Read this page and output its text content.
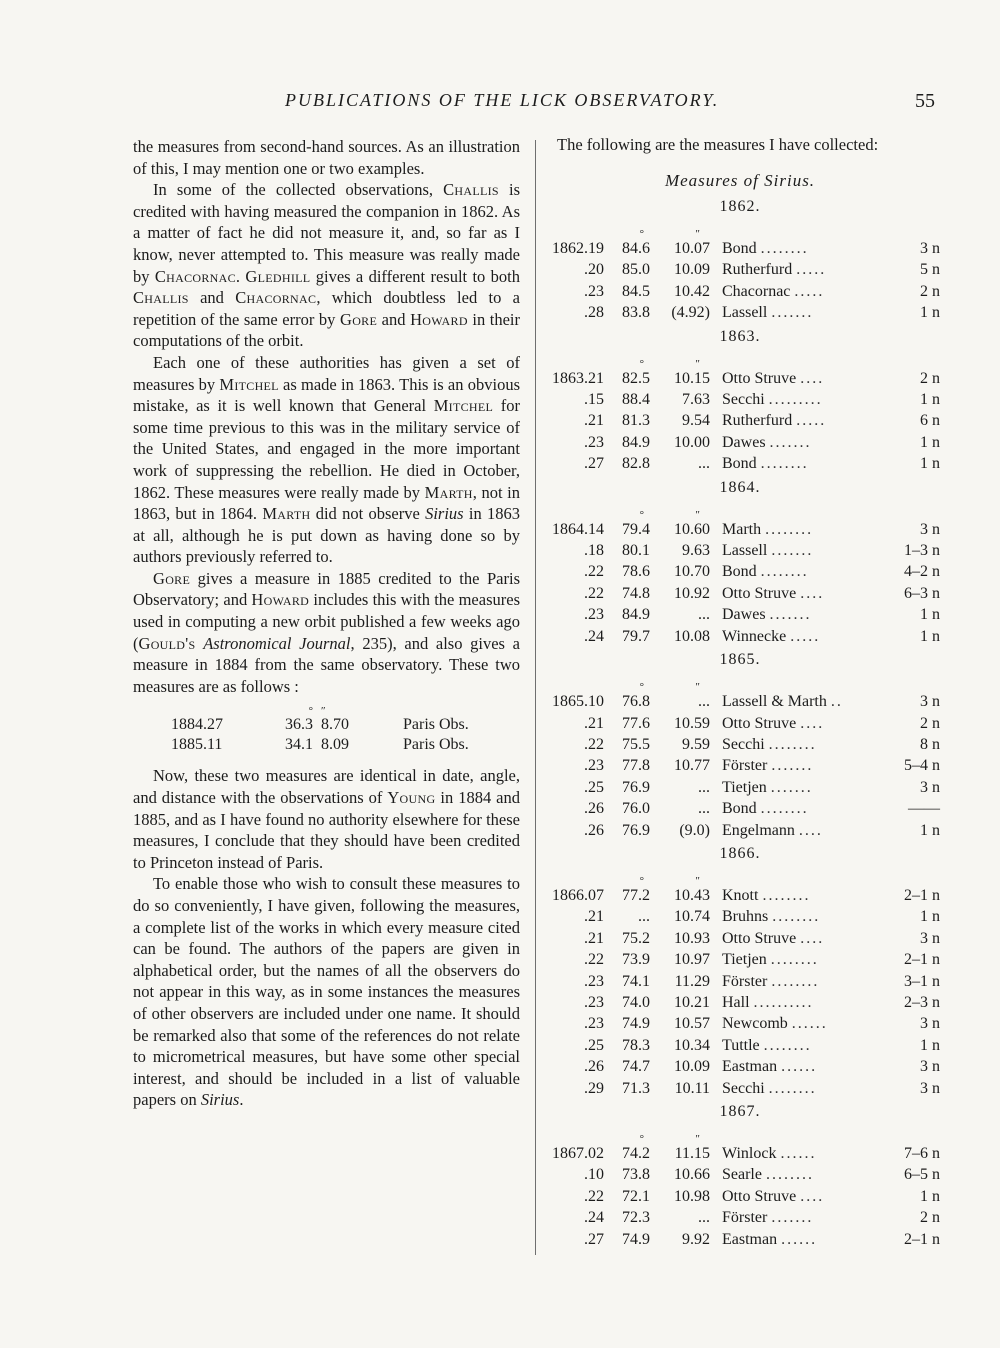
PUBLICATIONS OF THE LICK OBSERVATORY.	55

the measures from second-hand sources. As an illustration of this, I may mention one or two examples.

In some of the collected observations, Challis is credited with having measured the companion in 1862. As a matter of fact he did not measure it, and, so far as I know, never attempted to. This measure was really made by Chacornac. Gledhill gives a different result to both Challis and Chacornac, which doubtless led to a repetition of the same error by Gore and Howard in their computations of the orbit.

Each one of these authorities has given a set of measures by Mitchel as made in 1863. This is an obvious mistake, as it is well known that General Mitchel for some time previous to this was in the military service of the United States, and engaged in the more important work of suppressing the rebellion. He died in October, 1862. These measures were really made by Marth, not in 1863, but in 1864. Marth did not observe Sirius in 1863 at all, although he is put down as having done so by authors previously referred to.

Gore gives a measure in 1885 credited to the Paris Observatory; and Howard includes this with the measures used in computing a new orbit published a few weeks ago (Gould's Astronomical Journal, 235), and also gives a measure in 1884 from the same observatory. These two measures are as follows :

	°	″	
1884.27	36.3	8.70	Paris Obs.
1885.11	34.1	8.09	Paris Obs.

Now, these two measures are identical in date, angle, and distance with the observations of Young in 1884 and 1885, and as I have found no authority elsewhere for these measures, I conclude that they should have been credited to Princeton instead of Paris.

To enable those who wish to consult these measures to do so conveniently, I have given, following the measures, a complete list of the works in which every measure cited can be found. The authors of the papers are given in alphabetical order, but the names of all the observers do not appear in this way, as in some instances the measures of other observers are included under one name. It should be remarked also that some of the references do not relate to micrometrical measures, but have some other special interest, and should be included in a list of valuable papers on Sirius.

The following are the measures I have collected:
Measures of Sirius.
1862.
	°	″		
1862.19	84.6	10.07	Bond ........	3 n
.20	85.0	10.09	Rutherfurd .....	5 n
.23	84.5	10.42	Chacornac .....	2 n
.28	83.8	(4.92)	Lassell .......	1 n
1863.
	°	″		
1863.21	82.5	10.15	Otto Struve ....	2 n
.15	88.4	7.63	Secchi .........	1 n
.21	81.3	9.54	Rutherfurd .....	6 n
.23	84.9	10.00	Dawes .......	1 n
.27	82.8	...	Bond ........	1 n
1864.
	°	″		
1864.14	79.4	10.60	Marth ........	3 n
.18	80.1	9.63	Lassell .......	1–3 n
.22	78.6	10.70	Bond ........	4–2 n
.22	74.8	10.92	Otto Struve ....	6–3 n
.23	84.9	...	Dawes .......	1 n
.24	79.7	10.08	Winnecke .....	1 n
1865.
	°	″		
1865.10	76.8	...	Lassell & Marth ..	3 n
.21	77.6	10.59	Otto Struve ....	2 n
.22	75.5	9.59	Secchi ........	8 n
.23	77.8	10.77	Förster .......	5–4 n
.25	76.9	...	Tietjen .......	3 n
.26	76.0	...	Bond ........	——
.26	76.9	(9.0)	Engelmann ....	1 n
1866.
	°	″		
1866.07	77.2	10.43	Knott ........	2–1 n
.21	...	10.74	Bruhns ........	1 n
.21	75.2	10.93	Otto Struve ....	3 n
.22	73.9	10.97	Tietjen ........	2–1 n
.23	74.1	11.29	Förster ........	3–1 n
.23	74.0	10.21	Hall ..........	2–3 n
.23	74.9	10.57	Newcomb ......	3 n
.25	78.3	10.34	Tuttle ........	1 n
.26	74.7	10.09	Eastman ......	3 n
.29	71.3	10.11	Secchi ........	3 n
1867.
	°	″		
1867.02	74.2	11.15	Winlock ......	7–6 n
.10	73.8	10.66	Searle ........	6–5 n
.22	72.1	10.98	Otto Struve ....	1 n
.24	72.3	...	Förster .......	2 n
.27	74.9	9.92	Eastman ......	2–1 n
